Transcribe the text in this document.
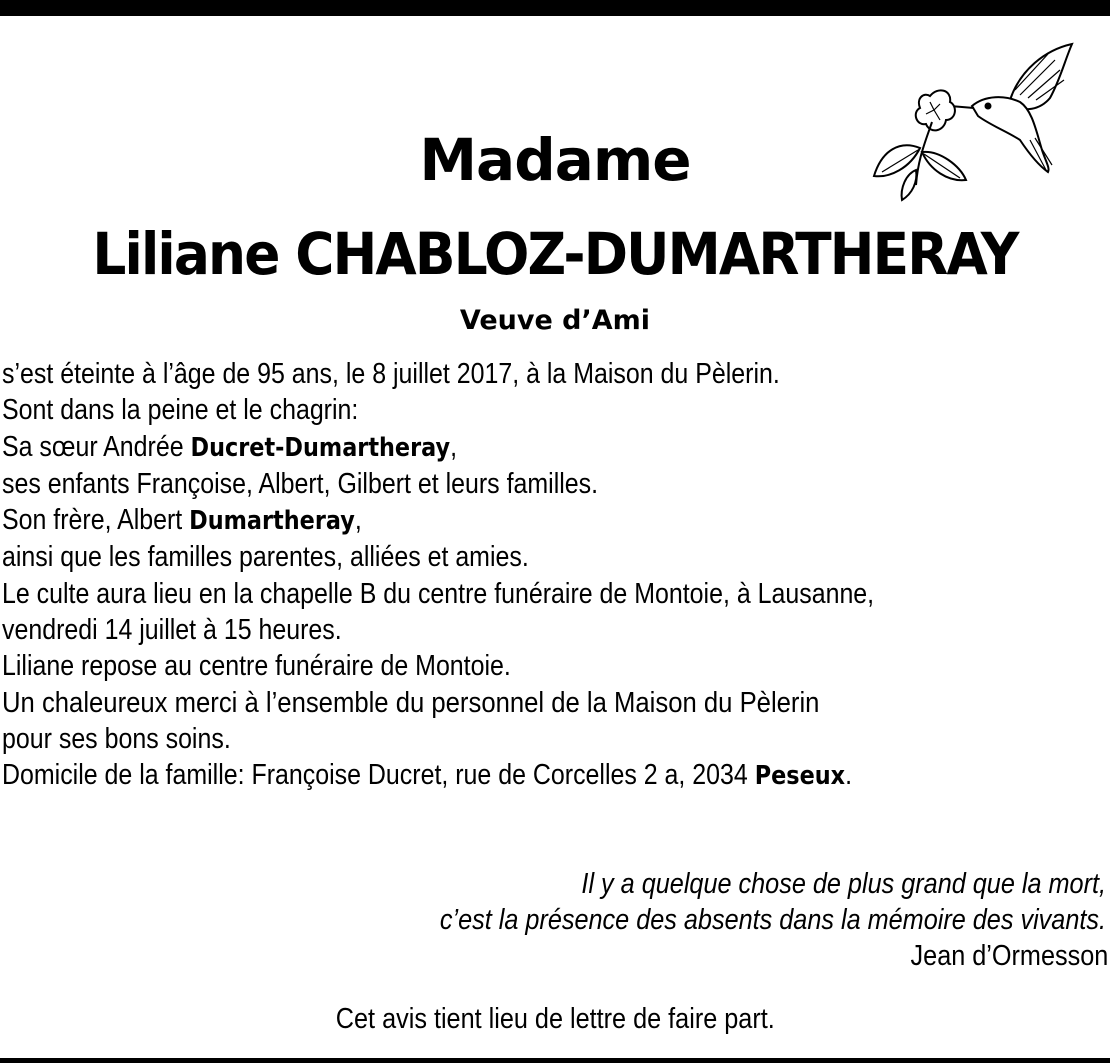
Madame
Liliane CHABLOZ-DUMARTHERAY
Veuve d’Ami
s’est éteinte à l’âge de 95 ans, le 8 juillet 2017, à la Maison du Pèlerin.
Sont dans la peine et le chagrin:
Sa sœur Andrée Ducret-Dumartheray,
ses enfants Françoise, Albert, Gilbert et leurs familles.
Son frère, Albert Dumartheray,
ainsi que les familles parentes, alliées et amies.
Le culte aura lieu en la chapelle B du centre funéraire de Montoie, à Lausanne,
vendredi 14 juillet à 15 heures.
Liliane repose au centre funéraire de Montoie.
Un chaleureux merci à l’ensemble du personnel de la Maison du Pèlerin
pour ses bons soins.
Domicile de la famille: Françoise Ducret, rue de Corcelles 2 a, 2034 Peseux.
Il y a quelque chose de plus grand que la mort,
c’est la présence des absents dans la mémoire des vivants.
Jean d’Ormesson
Cet avis tient lieu de lettre de faire part.
